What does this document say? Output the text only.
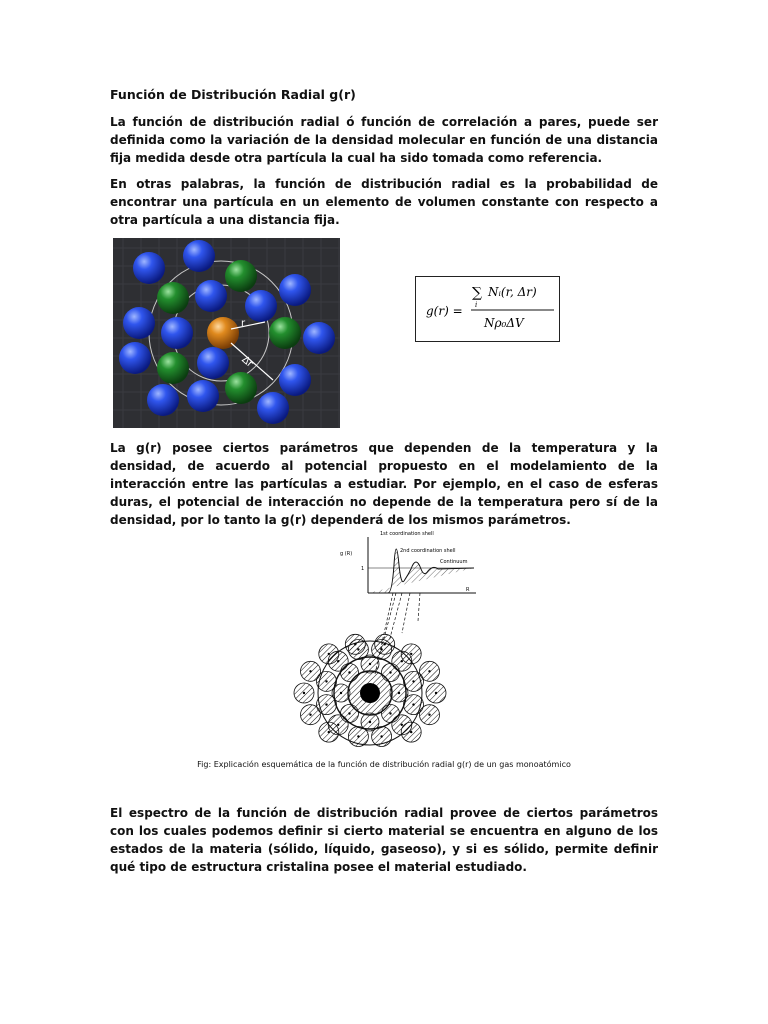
Función de Distribución Radial g(r)

La función de distribución radial ó función de correlación a pares, puede ser definida como la variación de la densidad molecular en función de una distancia fija medida desde otra partícula la cual ha sido tomada como referencia.

En otras palabras, la función de distribución radial es la probabilidad de encontrar una partícula en un elemento de volumen constante con respecto a otra partícula a una distancia fija.

r
Δr
g(r) =
∑
i
Nᵢ(r, Δr)
Nρ₀ΔV

La g(r) posee ciertos parámetros que dependen de la temperatura y la densidad, de acuerdo al potencial propuesto en el modelamiento de la interacción entre las partículas a estudiar. Por ejemplo, en el caso de esferas duras, el potencial de interacción no depende de la temperatura pero sí de la densidad, por lo tanto la g(r) dependerá de los mismos parámetros.

g (R)
1
R
1st coordination shell
2nd coordination shell
Continuum
Fig: Explicación esquemática de la función de distribución radial g(r) de un gas monoatómico

El espectro de la función de distribución radial provee de ciertos parámetros con los cuales podemos definir si cierto material se encuentra en alguno de los estados de la materia (sólido, líquido, gaseoso), y si es sólido, permite definir qué tipo de estructura cristalina posee el material estudiado.
